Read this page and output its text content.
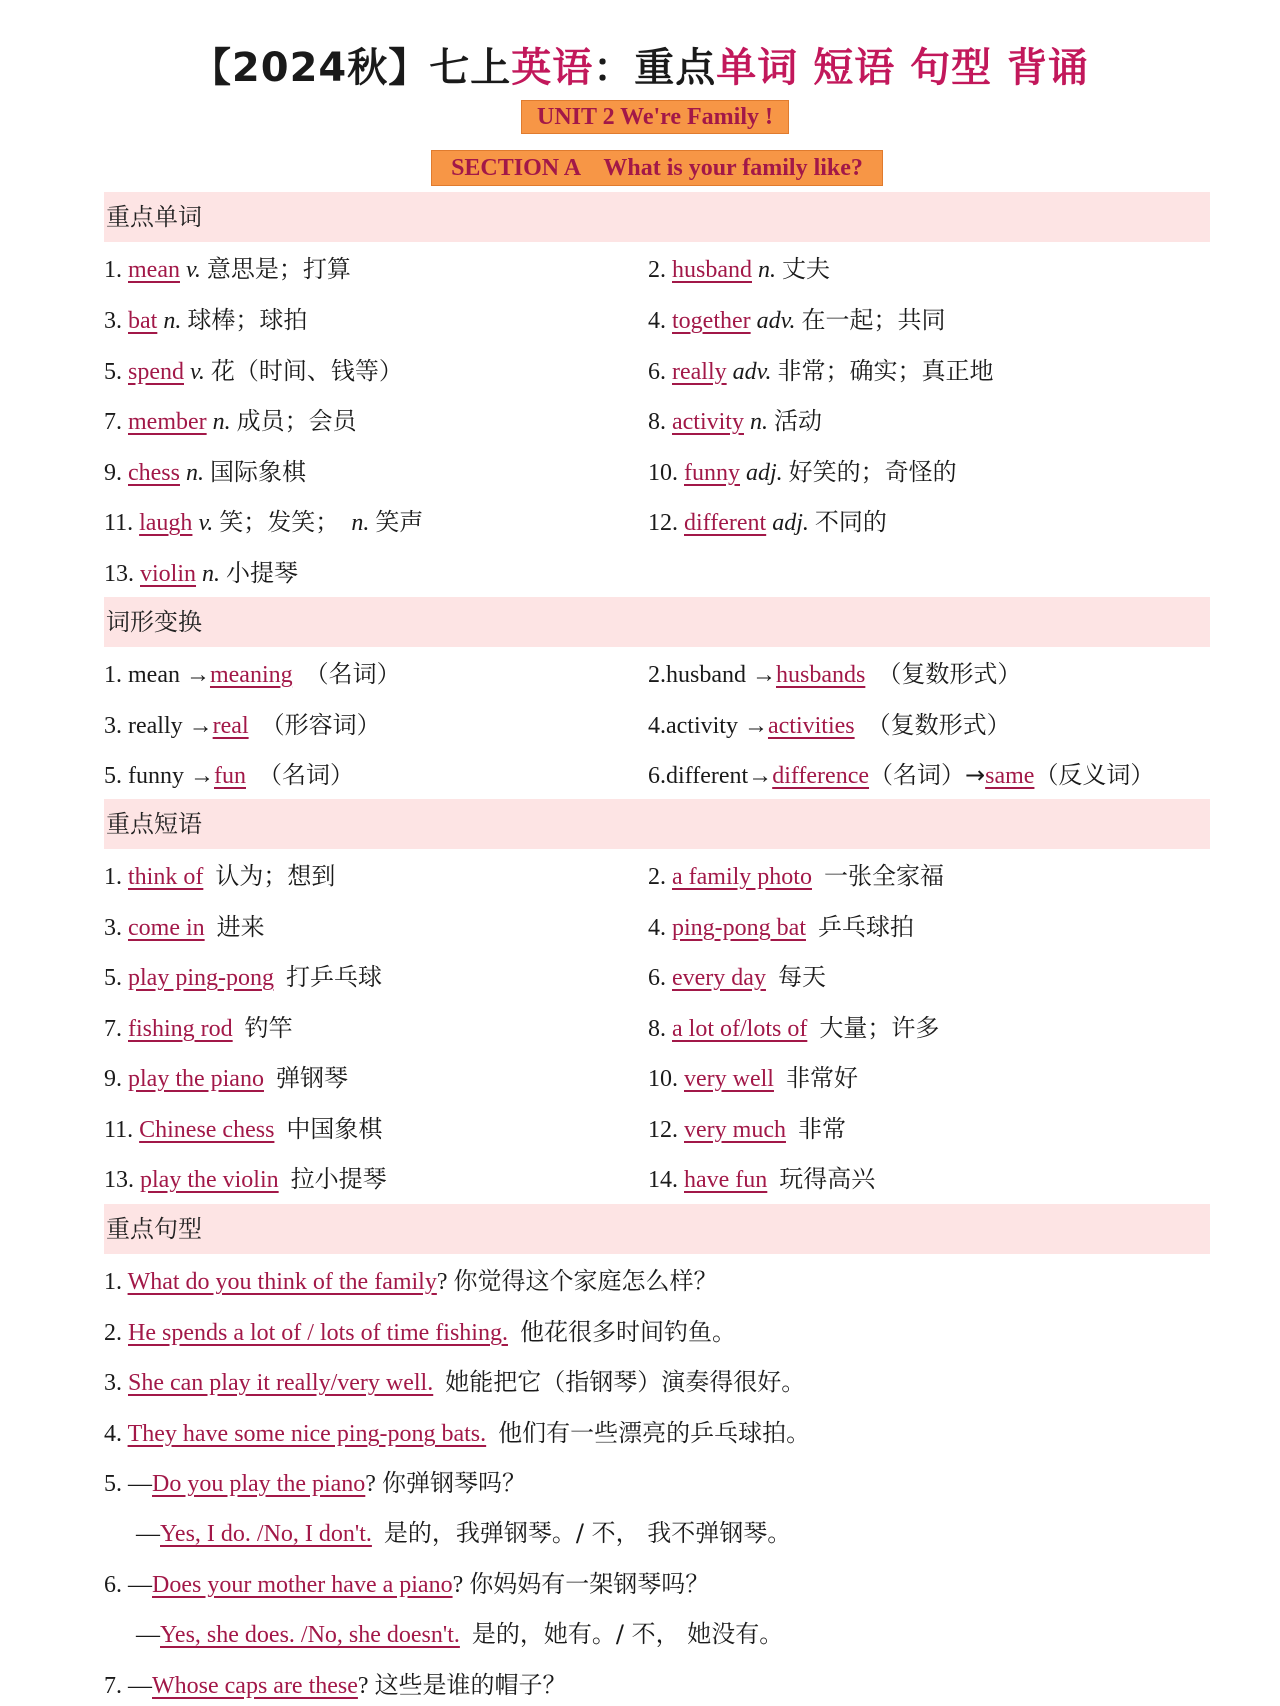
【2024秋】七上英语：重点单词 短语 句型 背诵
UNIT 2 We're Family !
SECTION A    What is your family like?
重点单词
1. mean v. 意思是；打算	2. husband n. 丈夫
3. bat n. 球棒；球拍	4. together adv. 在一起；共同
5. spend v. 花（时间、钱等）	6. really adv. 非常；确实；真正地
7. member n. 成员；会员	8. activity n. 活动
9. chess n. 国际象棋	10. funny adj. 好笑的；奇怪的
11. laugh v. 笑；发笑； n. 笑声	12. different adj. 不同的
13. violin n. 小提琴
词形变换
1. mean →meaning （名词）	2.husband →husbands （复数形式）
3. really →real （形容词）	4.activity →activities （复数形式）
5. funny →fun （名词）	6.different→difference（名词）→same（反义词）
重点短语
1. think of 认为；想到	2. a family photo 一张全家福
3. come in 进来	4. ping-pong bat 乒乓球拍
5. play ping-pong 打乒乓球	6. every day 每天
7. fishing rod 钓竿	8. a lot of/lots of 大量；许多
9. play the piano 弹钢琴	10. very well 非常好
11. Chinese chess 中国象棋	12. very much 非常
13. play the violin 拉小提琴	14. have fun 玩得高兴
重点句型
1. What do you think of the family? 你觉得这个家庭怎么样？
2. He spends a lot of / lots of time fishing. 他花很多时间钓鱼。
3. She can play it really/very well. 她能把它（指钢琴）演奏得很好。
4. They have some nice ping-pong bats. 他们有一些漂亮的乒乓球拍。
5. —Do you play the piano? 你弹钢琴吗？
—Yes, I do. /No, I don't. 是的，我弹钢琴。/ 不， 我不弹钢琴。
6. —Does your mother have a piano? 你妈妈有一架钢琴吗？
—Yes, she does. /No, she doesn't. 是的，她有。/ 不， 她没有。
7. —Whose caps are these? 这些是谁的帽子？
